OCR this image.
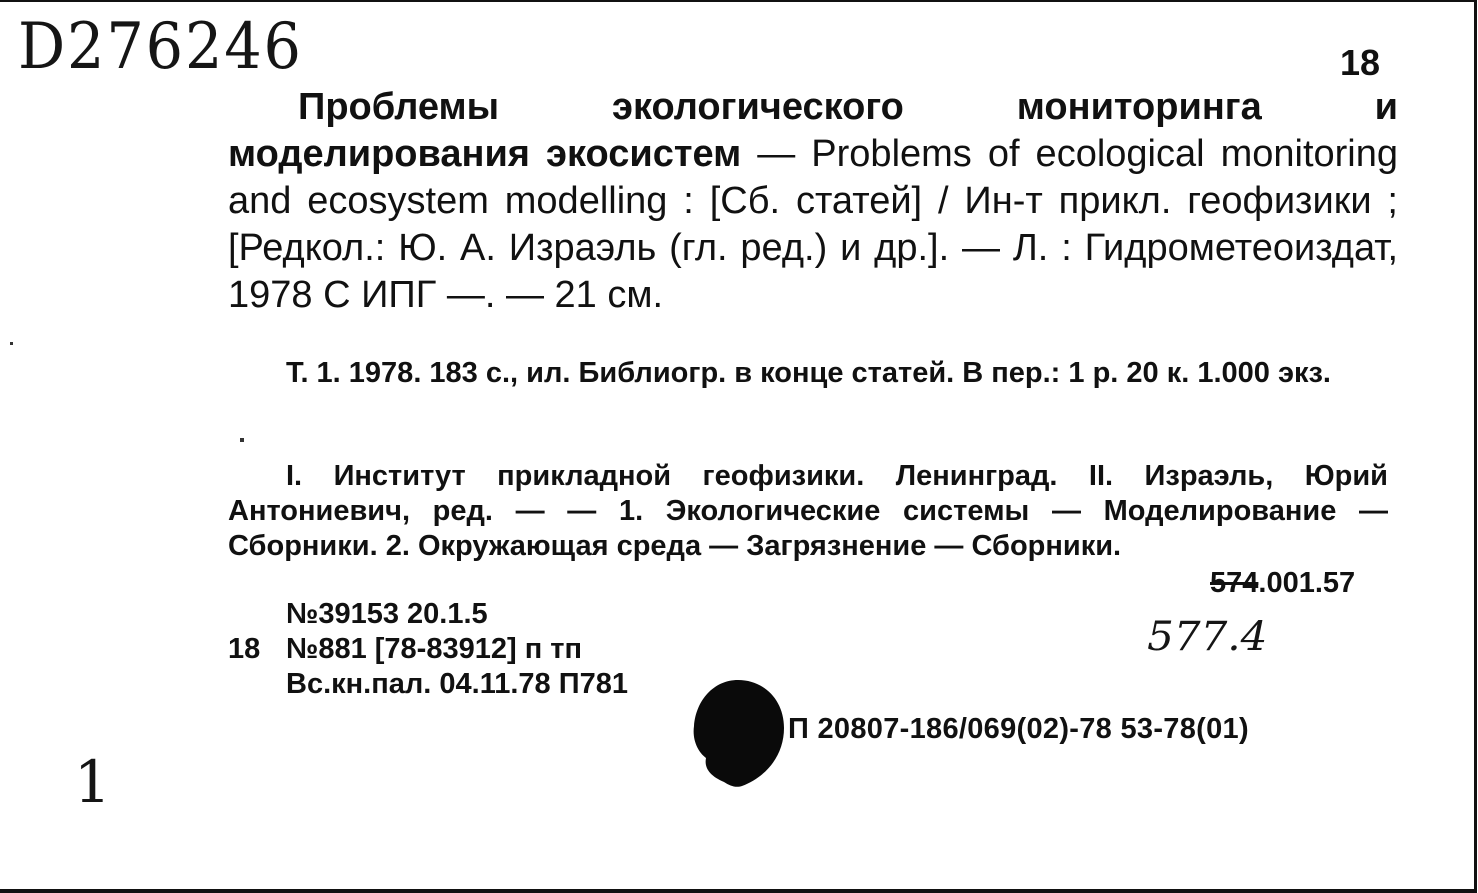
D276246	18
Проблемы экологического мониторинга и моделирования экосистем — Problems of ecological monitoring and ecosystem modelling : [Сб. статей] / Ин-т прикл. геофизики ; [Редкол.: Ю. А. Израэль (гл. ред.) и др.]. — Л. : Гидрометеоиздат, 1978 С ИПГ —. — 21 см.
Т. 1. 1978. 183 с., ил. Библиогр. в конце статей. В пер.: 1 р. 20 к. 1.000 экз.
I. Институт прикладной геофизики. Ленинград. II. Израэль, Юрий Антониевич, ред. — — 1. Экологические системы — Моделирование — Сборники. 2. Окружающая среда — Загрязнение — Сборники.
574.001.57
577.4
№39153 20.1.5
18 №881 [78-83912] п тп
Вс.кн.пал. 04.11.78 П781
П 20807-186/069(02)-78 53-78(01)
1
